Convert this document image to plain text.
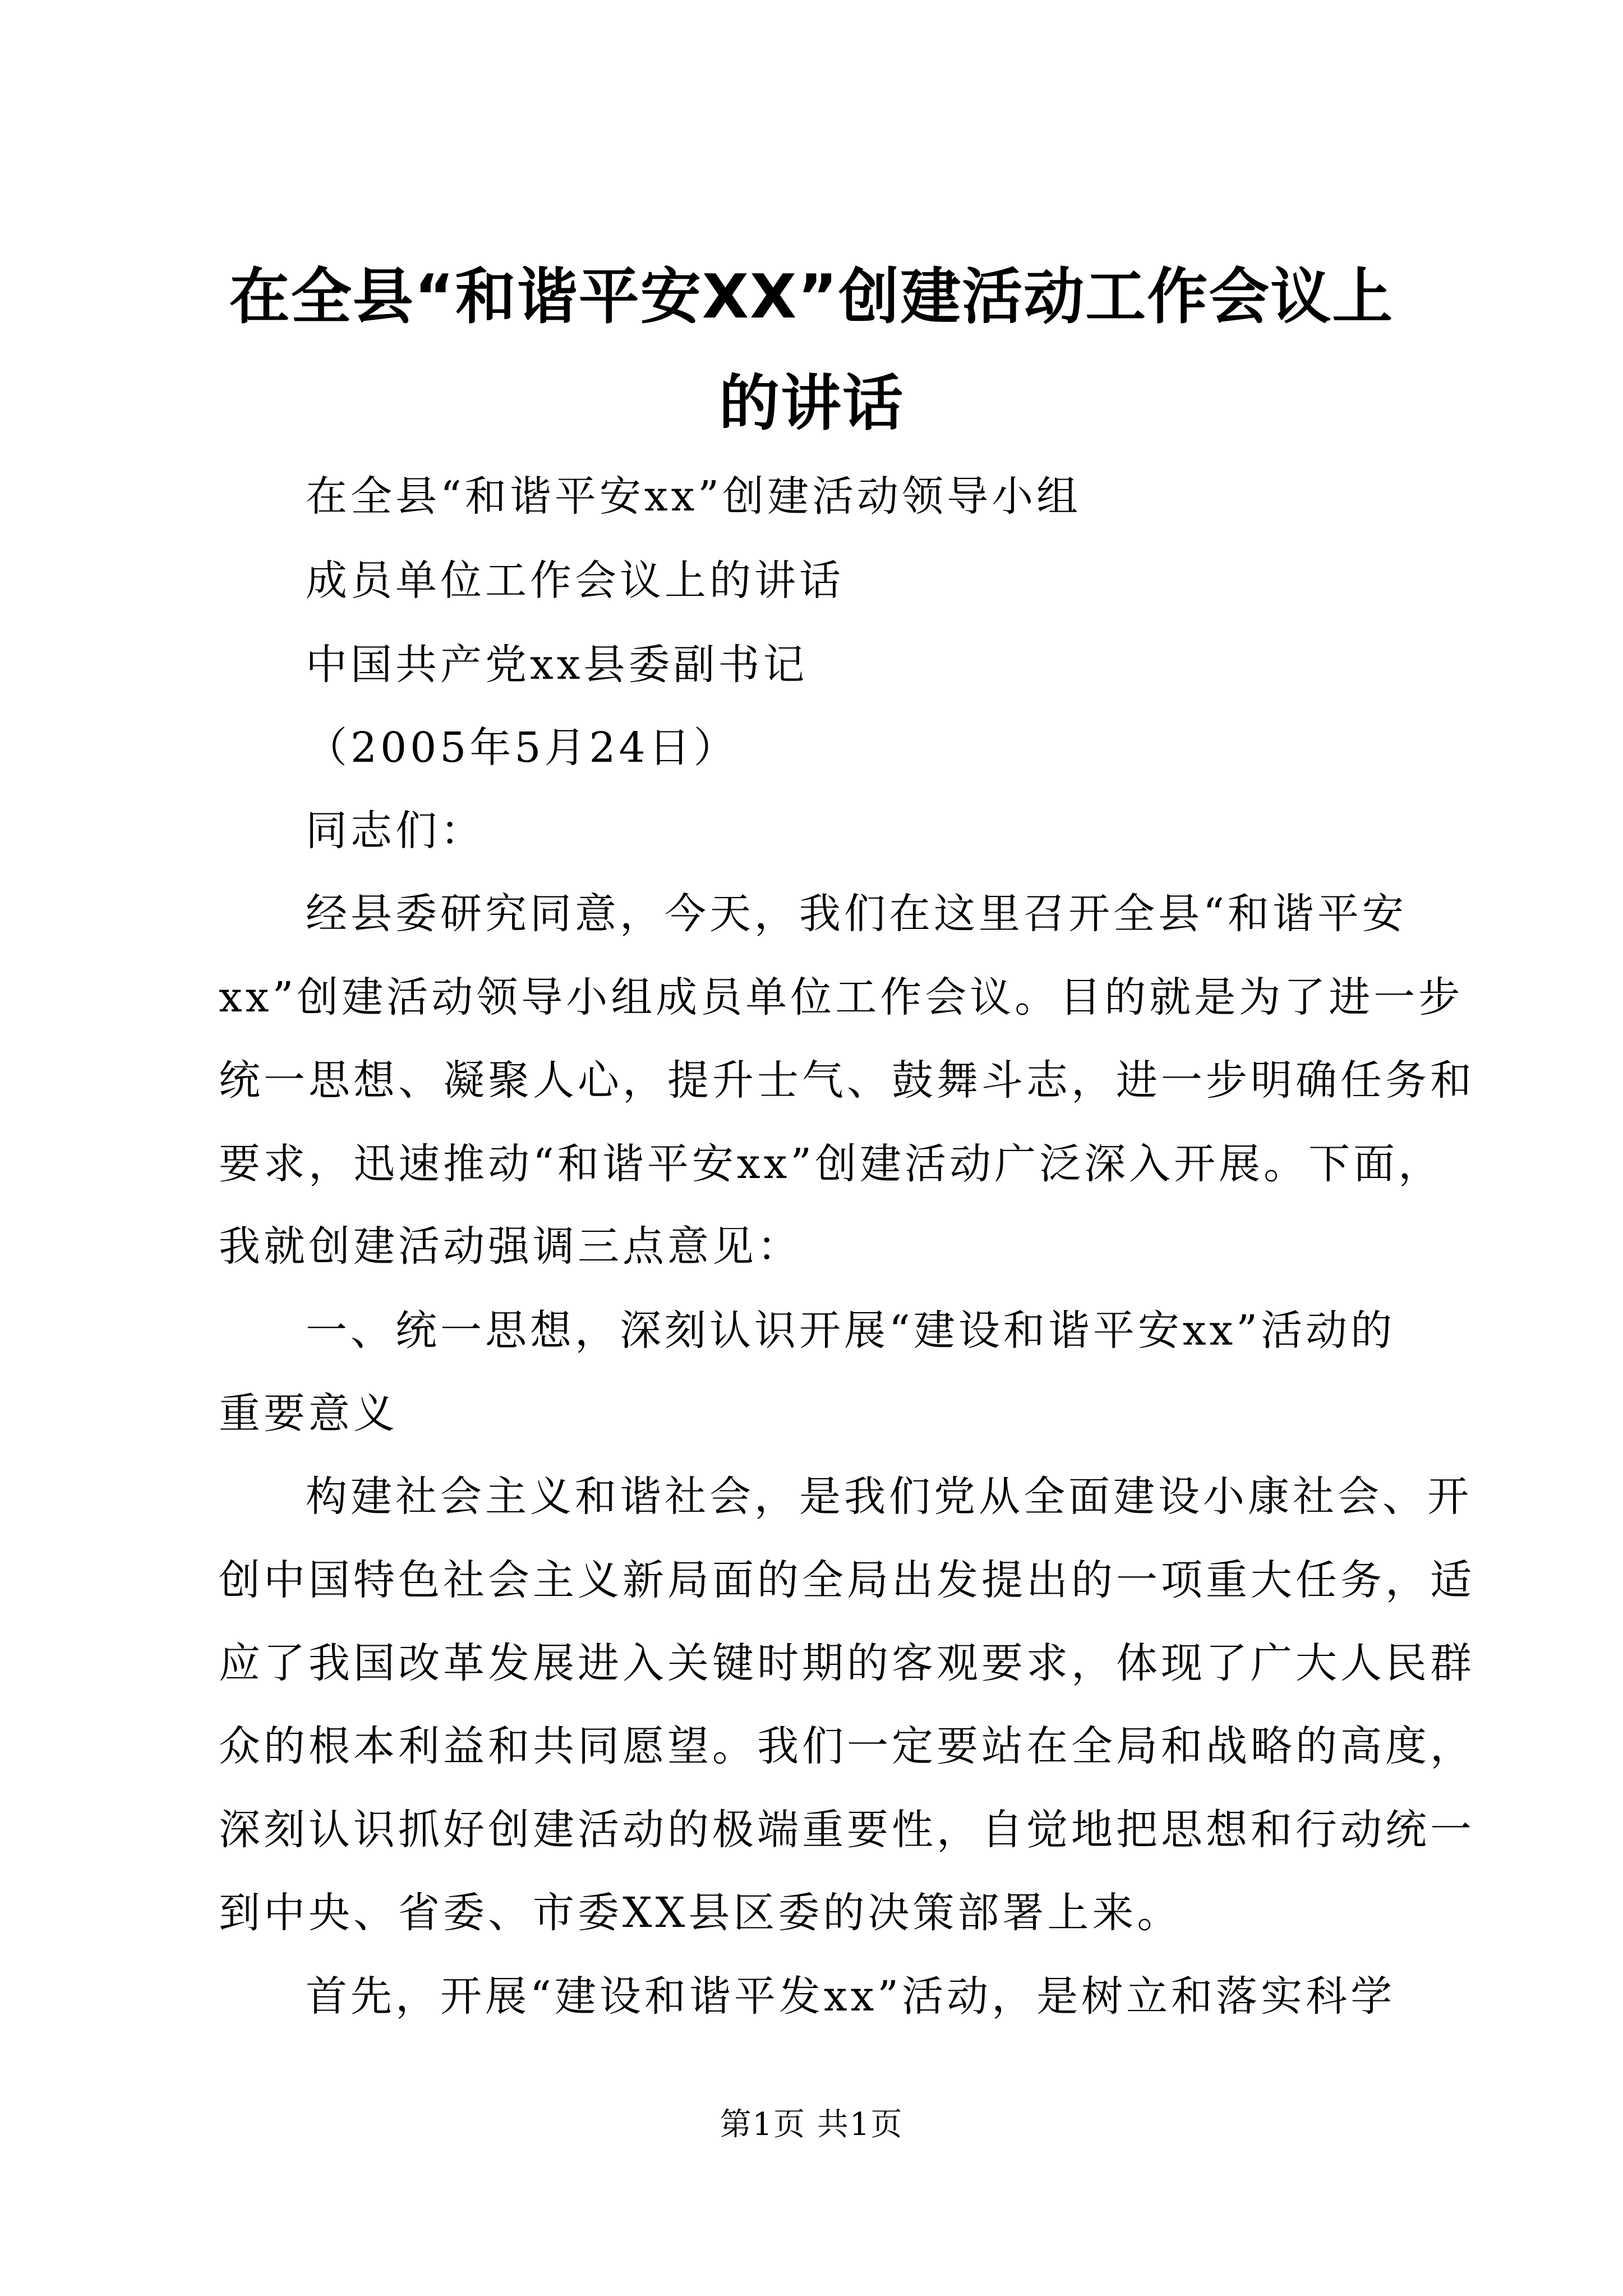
在全县“和谐平安XX”创建活动工作会议上
的讲话
在全县“和谐平安xx”创建活动领导小组
成员单位工作会议上的讲话
中国共产党xx县委副书记
（2005年5月24日）
同志们：
经县委研究同意，今天，我们在这里召开全县“和谐平安
xx”创建活动领导小组成员单位工作会议。目的就是为了进一步
统一思想、凝聚人心，提升士气、鼓舞斗志，进一步明确任务和
要求，迅速推动“和谐平安xx”创建活动广泛深入开展。下面，
我就创建活动强调三点意见：
一、统一思想，深刻认识开展“建设和谐平安xx”活动的
重要意义
构建社会主义和谐社会，是我们党从全面建设小康社会、开
创中国特色社会主义新局面的全局出发提出的一项重大任务，适
应了我国改革发展进入关键时期的客观要求，体现了广大人民群
众的根本利益和共同愿望。我们一定要站在全局和战略的高度，
深刻认识抓好创建活动的极端重要性，自觉地把思想和行动统一
到中央、省委、市委XX县区委的决策部署上来。
首先，开展“建设和谐平发xx”活动，是树立和落实科学
第1页 共1页
